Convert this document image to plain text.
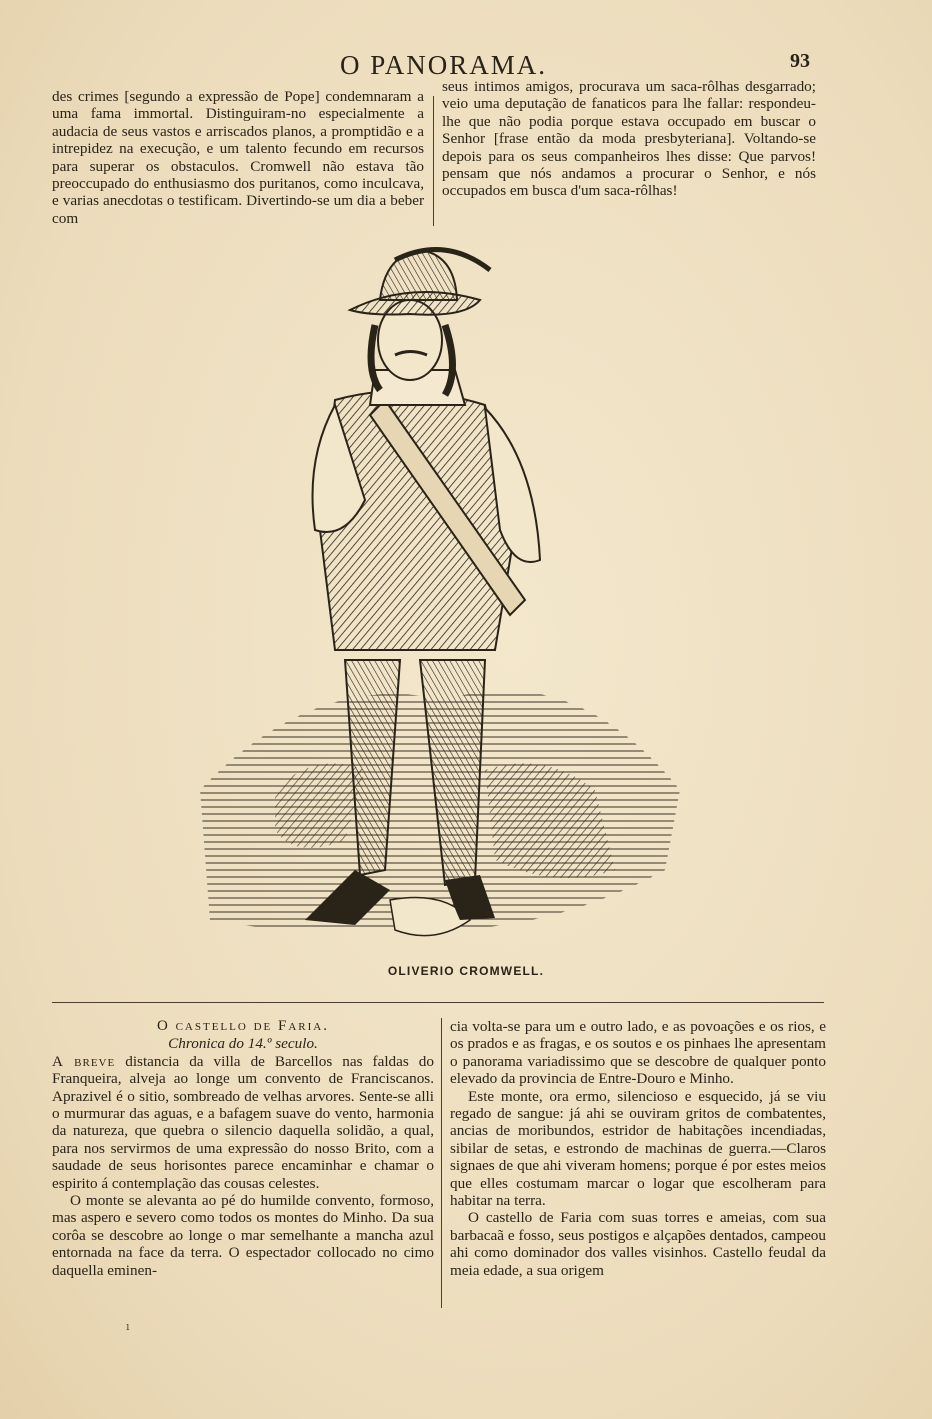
O PANORAMA.	93

des crimes [segundo a expressão de Pope] condemnaram a uma fama immortal. Distinguiram-no especialmente a audacia de seus vastos e arriscados planos, a promptidão e a intrepidez na execução, e um talento fecundo em recursos para superar os obstaculos. Cromwell não estava tão preoccupado do enthusiasmo dos puritanos, como inculcava, e varias anecdotas o testificam. Divertindo-se um dia a beber com

seus intimos amigos, procurava um saca-rôlhas desgarrado; veio uma deputação de fanaticos para lhe fallar: respondeu-lhe que não podia porque estava occupado em buscar o Senhor [frase então da moda presbyteriana]. Voltando-se depois para os seus companheiros lhes disse: Que parvos! pensam que nós andamos a procurar o Senhor, e nós occupados em busca d'um saca-rôlhas!

OLIVERIO CROMWELL.

O castello de Faria.

Chronica do 14.º seculo.

A breve distancia da villa de Barcellos nas faldas do Franqueira, alveja ao longe um convento de Franciscanos. Aprazivel é o sitio, sombreado de velhas arvores. Sente-se alli o murmurar das aguas, e a bafagem suave do vento, harmonia da natureza, que quebra o silencio daquella solidão, a qual, para nos servirmos de uma expressão do nosso Brito, com a saudade de seus horisontes parece encaminhar e chamar o espirito á contemplação das cousas celestes.

O monte se alevanta ao pé do humilde convento, formoso, mas aspero e severo como todos os montes do Minho. Da sua corôa se descobre ao longe o mar semelhante a mancha azul entornada na face da terra. O espectador collocado no cimo daquella eminen-

cia volta-se para um e outro lado, e as povoações e os rios, e os prados e as fragas, e os soutos e os pinhaes lhe apresentam o panorama variadissimo que se descobre de qualquer ponto elevado da provincia de Entre-Douro e Minho.

Este monte, ora ermo, silencioso e esquecido, já se viu regado de sangue: já ahi se ouviram gritos de combatentes, ancias de moribundos, estridor de habitações incendiadas, sibilar de setas, e estrondo de machinas de guerra.—Claros signaes de que ahi viveram homens; porque é por estes meios que elles costumam marcar o logar que escolheram para habitar na terra.

O castello de Faria com suas torres e ameias, com sua barbacaã e fosso, seus postigos e alçapões dentados, campeou ahi como dominador dos valles visinhos. Castello feudal da meia edade, a sua origem

ı
